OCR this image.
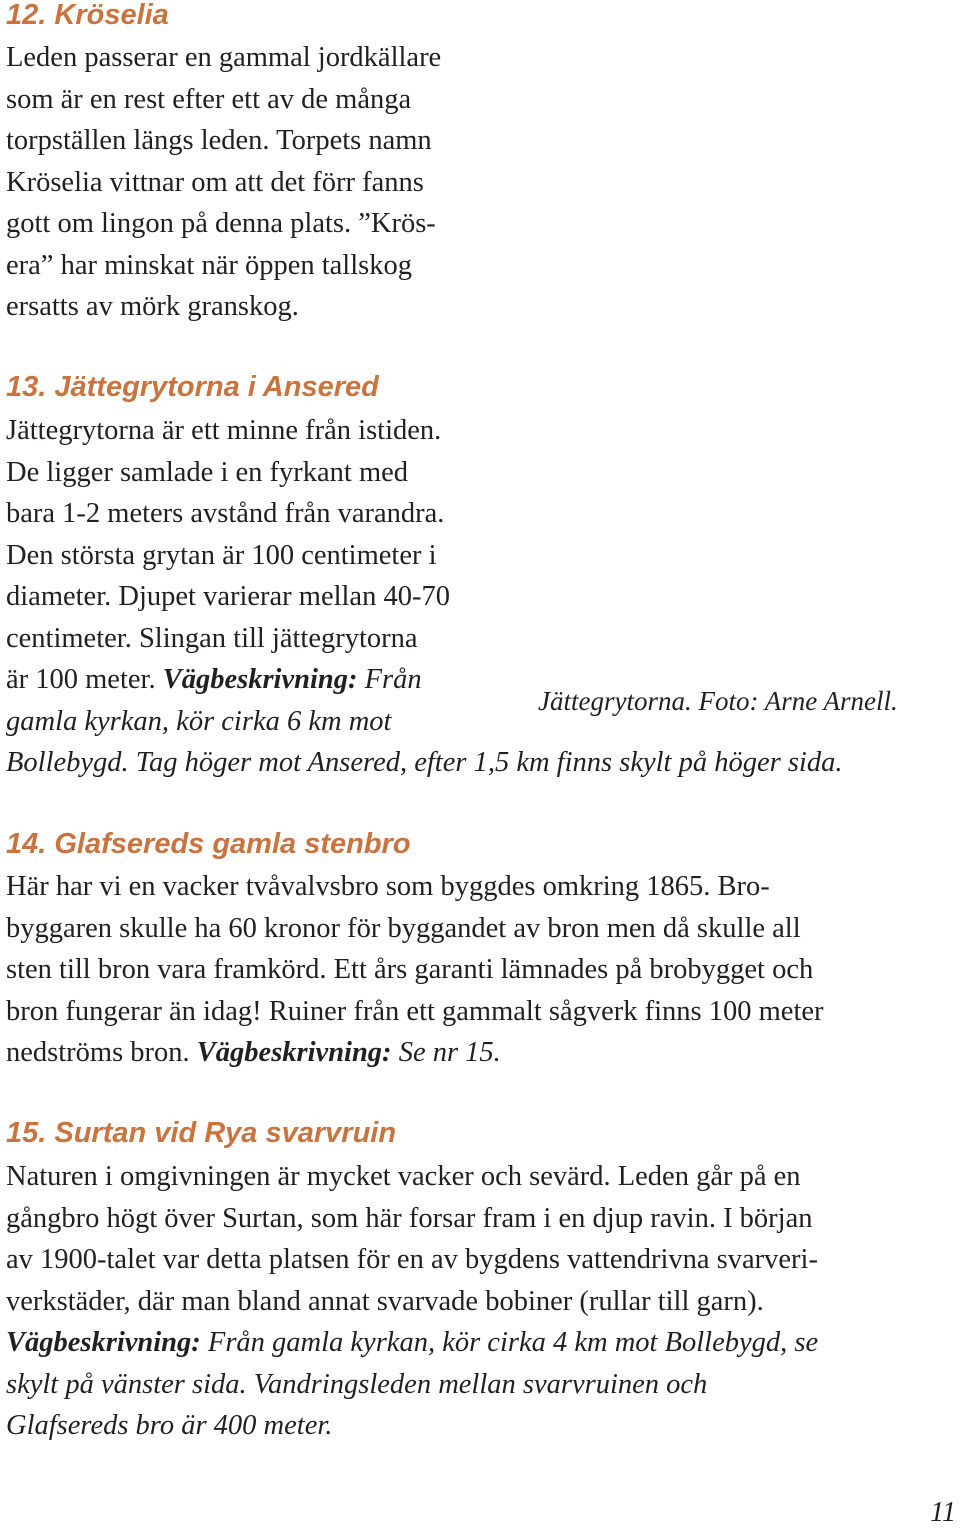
12. Kröselia
Leden passerar en gammal jordkällare
som är en rest efter ett av de många
torpställen längs leden. Torpets namn
Kröselia vittnar om att det förr fanns
gott om lingon på denna plats. ”Krös-
era” har minskat när öppen tallskog
ersatts av mörk granskog.
13. Jättegrytorna i Ansered
Jättegrytorna är ett minne från istiden.
De ligger samlade i en fyrkant med
bara 1-2 meters avstånd från varandra.
Den största grytan är 100 centimeter i
diameter. Djupet varierar mellan 40-70
centimeter. Slingan till jättegrytorna
är 100 meter. Vägbeskrivning: Från
gamla kyrkan, kör cirka 6 km mot
Bollebygd. Tag höger mot Ansered, efter 1,5 km finns skylt på höger sida.
Jättegrytorna. Foto: Arne Arnell.
14. Glafsereds gamla stenbro
Här har vi en vacker tvåvalvsbro som byggdes omkring 1865. Bro-
byggaren skulle ha 60 kronor för byggandet av bron men då skulle all
sten till bron vara framkörd. Ett års garanti lämnades på brobygget och
bron fungerar än idag! Ruiner från ett gammalt sågverk finns 100 meter
nedströms bron. Vägbeskrivning: Se nr 15.
15. Surtan vid Rya svarvruin
Naturen i omgivningen är mycket vacker och sevärd. Leden går på en
gångbro högt över Surtan, som här forsar fram i en djup ravin. I början
av 1900-talet var detta platsen för en av bygdens vattendrivna svarveri-
verkstäder, där man bland annat svarvade bobiner (rullar till garn).
Vägbeskrivning: Från gamla kyrkan, kör cirka 4 km mot Bollebygd, se
skylt på vänster sida. Vandringsleden mellan svarvruinen och
Glafsereds bro är 400 meter.
11
